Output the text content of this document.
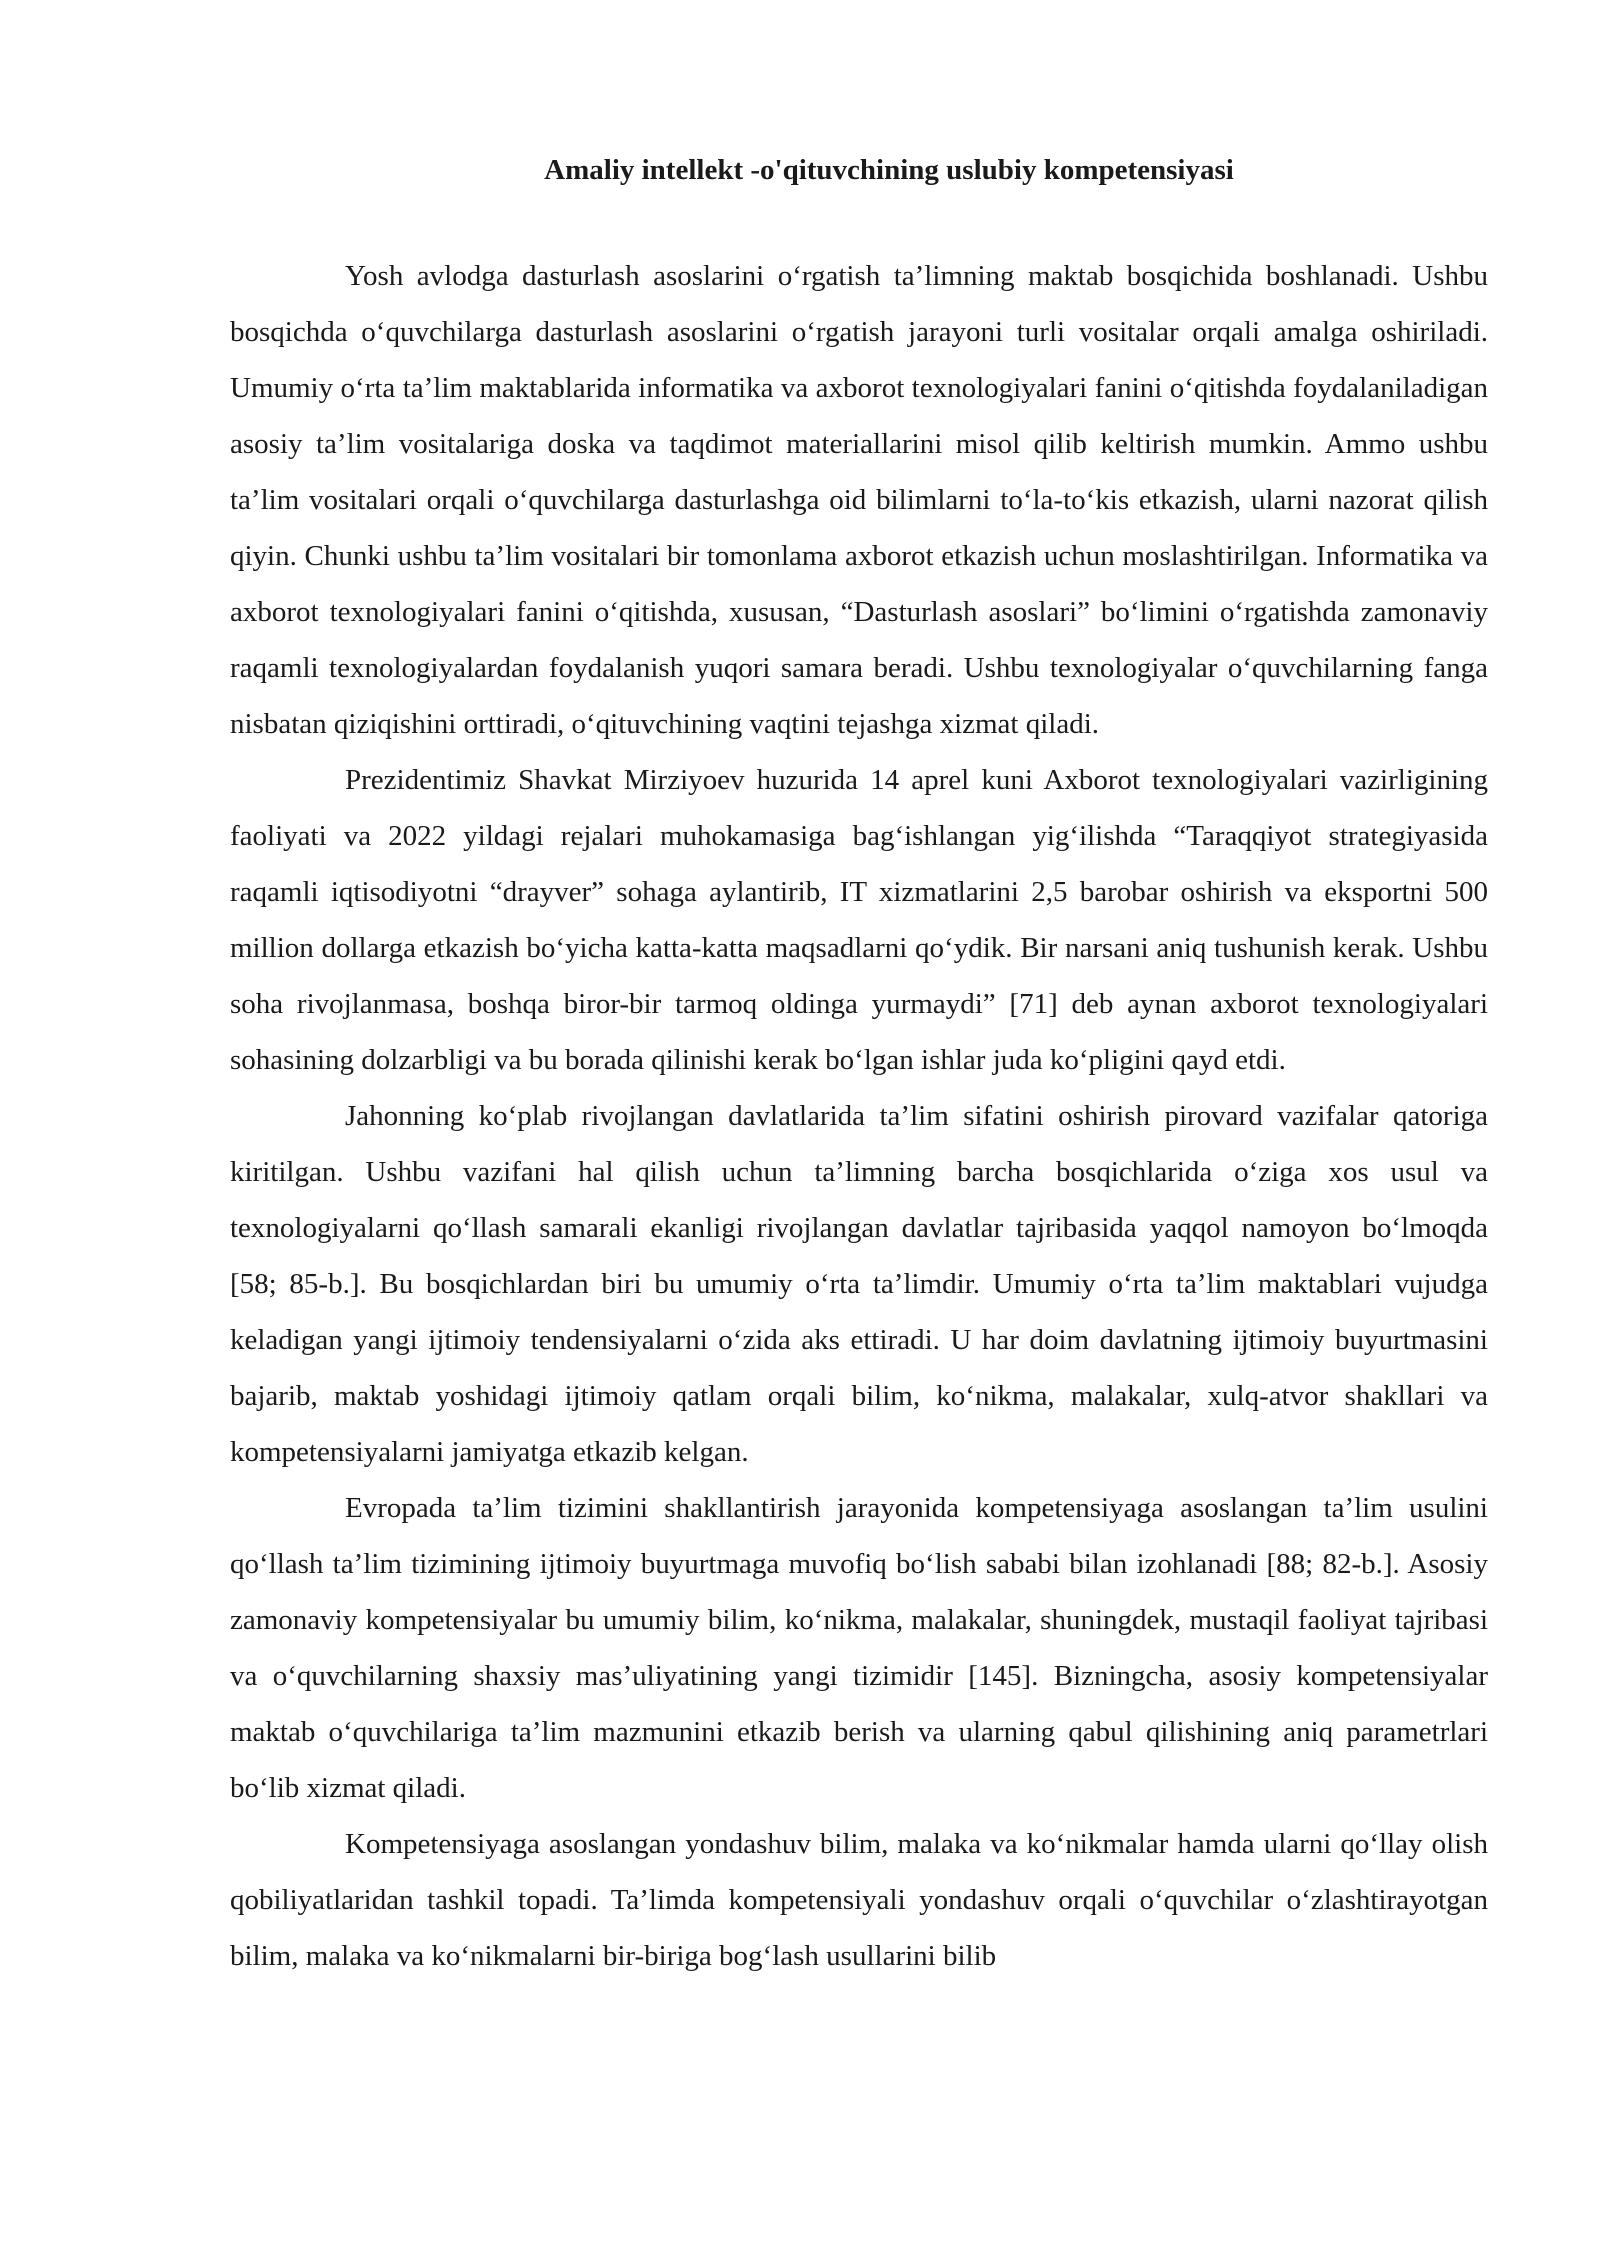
Amaliy intellekt -o'qituvchining uslubiy kompetensiyasi

Yosh avlodga dasturlash asoslarini o‘rgatish ta’limning maktab bosqichida boshlanadi. Ushbu bosqichda o‘quvchilarga dasturlash asoslarini o‘rgatish jarayoni turli vositalar orqali amalga oshiriladi. Umumiy o‘rta ta’lim maktablarida informatika va axborot texnologiyalari fanini o‘qitishda foydalaniladigan asosiy ta’lim vositalariga doska va taqdimot materiallarini misol qilib keltirish mumkin. Ammo ushbu ta’lim vositalari orqali o‘quvchilarga dasturlashga oid bilimlarni to‘la-to‘kis etkazish, ularni nazorat qilish qiyin. Chunki ushbu ta’lim vositalari bir tomonlama axborot etkazish uchun moslashtirilgan. Informatika va axborot texnologiyalari fanini o‘qitishda, xususan, “Dasturlash asoslari” bo‘limini o‘rgatishda zamonaviy raqamli texnologiyalardan foydalanish yuqori samara beradi. Ushbu texnologiyalar o‘quvchilarning fanga nisbatan qiziqishini orttiradi, o‘qituvchining vaqtini tejashga xizmat qiladi.

Prezidentimiz Shavkat Mirziyoev huzurida 14 aprel kuni Axborot texnologiyalari vazirligining faoliyati va 2022 yildagi rejalari muhokamasiga bag‘ishlangan yig‘ilishda “Taraqqiyot strategiyasida raqamli iqtisodiyotni “drayver” sohaga aylantirib, IT xizmatlarini 2,5 barobar oshirish va eksportni 500 million dollarga etkazish bo‘yicha katta-katta maqsadlarni qo‘ydik. Bir narsani aniq tushunish kerak. Ushbu soha rivojlanmasa, boshqa biror-bir tarmoq oldinga yurmaydi” [71] deb aynan axborot texnologiyalari sohasining dolzarbligi va bu borada qilinishi kerak bo‘lgan ishlar juda ko‘pligini qayd etdi.

Jahonning ko‘plab rivojlangan davlatlarida ta’lim sifatini oshirish pirovard vazifalar qatoriga kiritilgan. Ushbu vazifani hal qilish uchun ta’limning barcha bosqichlarida o‘ziga xos usul va texnologiyalarni qo‘llash samarali ekanligi rivojlangan davlatlar tajribasida yaqqol namoyon bo‘lmoqda [58; 85-b.]. Bu bosqichlardan biri bu umumiy o‘rta ta’limdir. Umumiy o‘rta ta’lim maktablari vujudga keladigan yangi ijtimoiy tendensiyalarni o‘zida aks ettiradi. U har doim davlatning ijtimoiy buyurtmasini bajarib, maktab yoshidagi ijtimoiy qatlam orqali bilim, ko‘nikma, malakalar, xulq-atvor shakllari va kompetensiyalarni jamiyatga etkazib kelgan.

Evropada ta’lim tizimini shakllantirish jarayonida kompetensiyaga asoslangan ta’lim usulini qo‘llash ta’lim tizimining ijtimoiy buyurtmaga muvofiq bo‘lish sababi bilan izohlanadi [88; 82-b.]. Asosiy zamonaviy kompetensiyalar bu umumiy bilim, ko‘nikma, malakalar, shuningdek, mustaqil faoliyat tajribasi va o‘quvchilarning shaxsiy mas’uliyatining yangi tizimidir [145]. Bizningcha, asosiy kompetensiyalar maktab o‘quvchilariga ta’lim mazmunini etkazib berish va ularning qabul qilishining aniq parametrlari bo‘lib xizmat qiladi.

Kompetensiyaga asoslangan yondashuv bilim, malaka va ko‘nikmalar hamda ularni qo‘llay olish qobiliyatlaridan tashkil topadi. Ta’limda kompetensiyali yondashuv orqali o‘quvchilar o‘zlashtirayotgan bilim, malaka va ko‘nikmalarni bir-biriga bog‘lash usullarini bilib
